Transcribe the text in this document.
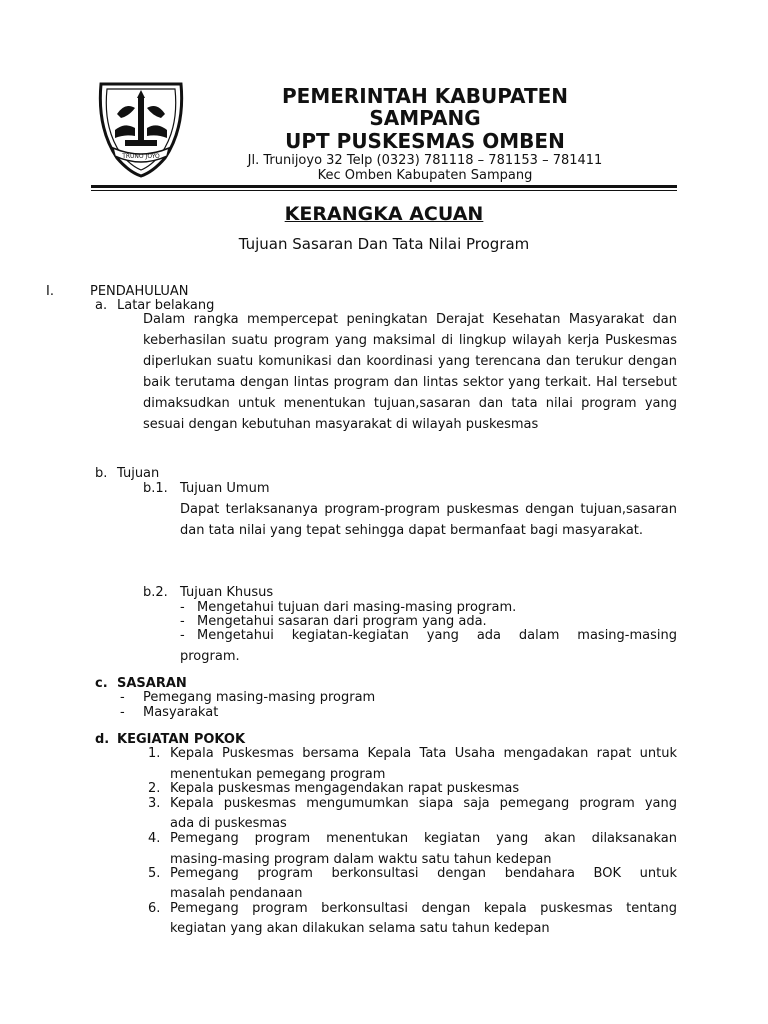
TRUNO JOYO
PEMERINTAH KABUPATEN
SAMPANG
UPT PUSKESMAS OMBEN
Jl. Trunijoyo 32 Telp (0323) 781118 – 781153 – 781411
Kec Omben Kabupaten Sampang
KERANGKA ACUAN
Tujuan Sasaran Dan Tata Nilai Program
I.	PENDAHULUAN
a. Latar belakang
Dalam rangka mempercepat peningkatan Derajat Kesehatan Masyarakat dan keberhasilan suatu program yang maksimal di lingkup wilayah kerja Puskesmas diperlukan suatu komunikasi dan koordinasi yang terencana dan terukur dengan baik terutama dengan lintas program dan lintas sektor yang terkait. Hal tersebut dimaksudkan untuk menentukan tujuan,sasaran dan tata nilai program yang sesuai dengan kebutuhan masyarakat di wilayah puskesmas
b. Tujuan
b.1. Tujuan Umum
Dapat terlaksananya program-program puskesmas dengan tujuan,sasaran dan tata nilai yang tepat sehingga dapat bermanfaat bagi masyarakat.
b.2. Tujuan Khusus
- Mengetahui tujuan dari masing-masing program.
- Mengetahui sasaran dari program yang ada.
- Mengetahui kegiatan-kegiatan yang ada dalam masing-masing
program.
c. SASARAN
- Pemegang masing-masing program
- Masyarakat
d. KEGIATAN POKOK
1. Kepala Puskesmas bersama Kepala Tata Usaha mengadakan rapat untuk
menentukan pemegang program
2. Kepala puskesmas mengagendakan rapat puskesmas
3. Kepala puskesmas mengumumkan siapa saja pemegang program yang
ada di puskesmas
4. Pemegang program menentukan kegiatan yang akan dilaksanakan
masing-masing program dalam waktu satu tahun kedepan
5. Pemegang program berkonsultasi dengan bendahara BOK untuk
masalah pendanaan
6. Pemegang program berkonsultasi dengan kepala puskesmas tentang
kegiatan yang akan dilakukan selama satu tahun kedepan
